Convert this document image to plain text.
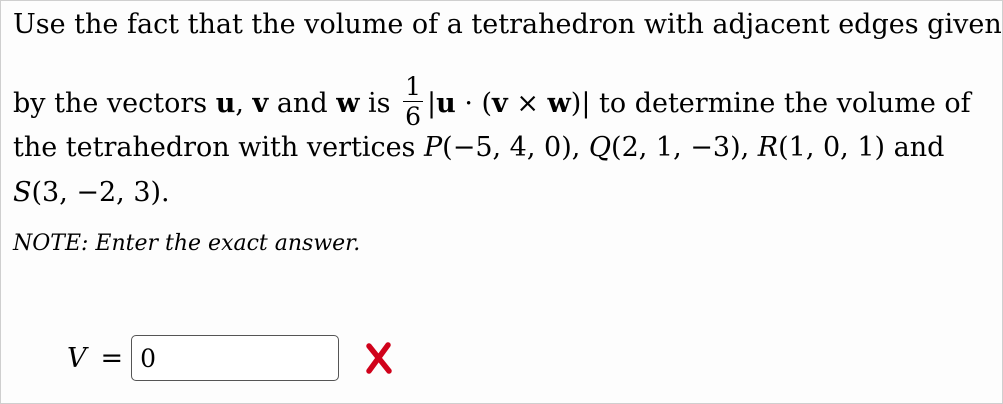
Use the fact that the volume of a tetrahedron with adjacent edges given
by the vectors u, v and w is $\frac{1}{6} |u \cdot (v \times w)|$ to determine the volume of
the tetrahedron with vertices P(−5, 4, 0), Q(2, 1, −3), R(1, 0, 1) and
S(3, −2, 3).
NOTE: Enter the exact answer.
V =
0
